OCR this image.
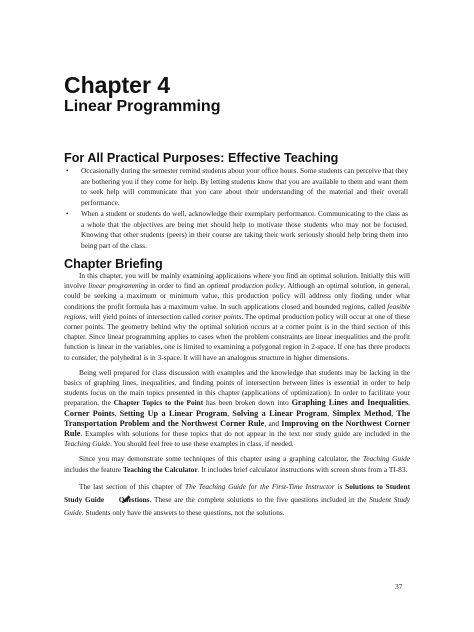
Chapter 4
Linear Programming
For All Practical Purposes: Effective Teaching
• Occasionally during the semester remind students about your office hours. Some students can perceive that they are bothering you if they come for help. By letting students know that you are available to them and want them to seek help will communicate that you care about their understanding of the material and their overall performance.
• When a student or students do well, acknowledge their exemplary performance. Communicating to the class as a whole that the objectives are being met should help to motivate those students who may not be focused. Knowing that other students (peers) in their course are taking their work seriously should help bring them into being part of the class.
Chapter Briefing

In this chapter, you will be mainly examining applications where you find an optimal solution. Initially this will involve linear programming in order to find an optimal production policy. Although an optimal solution, in general, could be seeking a maximum or minimum value, this production policy will address only finding under what conditions the profit formula has a maximum value. In such applications closed and bounded regions, called feasible regions, will yield points of intersection called corner points. The optimal production policy will occur at one of these corner points. The geometry behind why the optimal solution occurs at a corner point is in the third section of this chapter. Since linear programming applies to cases when the problem constraints are linear inequalities and the profit function is linear in the variables, one is limited to examining a polygonal region in 2-space. If one has three products to consider, the polyhedral is in 3-space. It will have an analogous structure in higher dimensions.

Being well prepared for class discussion with examples and the knowledge that students may be lacking in the basics of graphing lines, inequalities, and finding points of intersection between lines is essential in order to help students focus on the main topics presented in this chapter (applications of optimization). In order to facilitate your preparation, the Chapter Topics to the Point has been broken down into Graphing Lines and Inequalities, Corner Points, Setting Up a Linear Program, Solving a Linear Program, Simplex Method, The Transportation Problem and the Northwest Corner Rule, and Improving on the Northwest Corner Rule. Examples with solutions for these topics that do not appear in the text nor study guide are included in the Teaching Guide. You should feel free to use these examples in class, if needed.

Since you may demonstrate some techniques of this chapter using a graphing calculator, the Teaching Guide includes the feature Teaching the Calculator. It includes brief calculator instructions with screen shots from a TI-83.

The last section of this chapter of The Teaching Guide for the First-Time Instructor is Solutions to Student Study Guide  Questions. These are the complete solutions to the five questions included in the Student Study Guide. Students only have the answers to these questions, not the solutions.

37
